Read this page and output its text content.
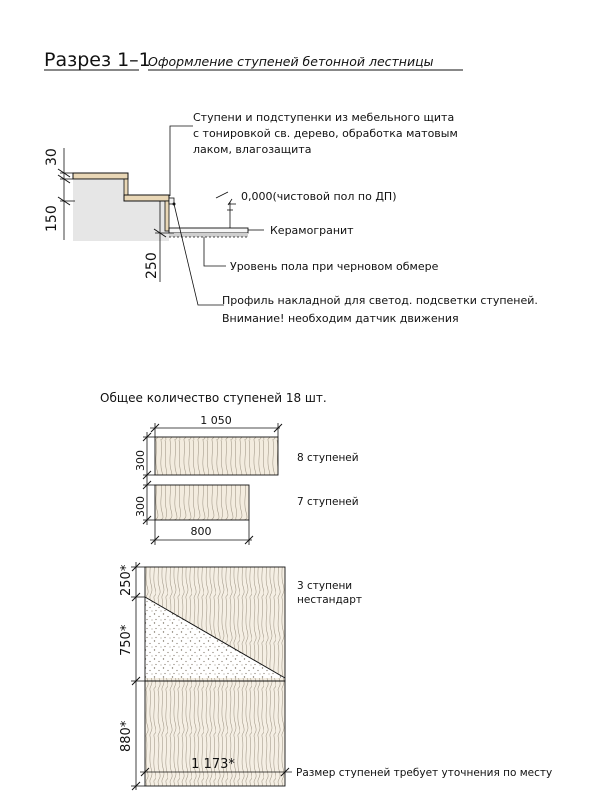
Разрез 1–1
Оформление ступеней бетонной лестницы
30
150
250
Ступени и подступенки из мебельного щита
с тонировкой св. дерево, обработка матовым
лаком, влагозащита
0,000(чистовой пол по ДП)
Керамогранит
Уровень пола при черновом обмере
Профиль накладной для светод. подсветки ступеней.
Внимание! необходим датчик движения
Общее количество ступеней 18 шт.
1 050
300	8 ступеней
300
800
7 ступеней
250*
750*
880*
1 173*
3 ступени
нестандарт
Размер ступеней требует уточнения по месту
